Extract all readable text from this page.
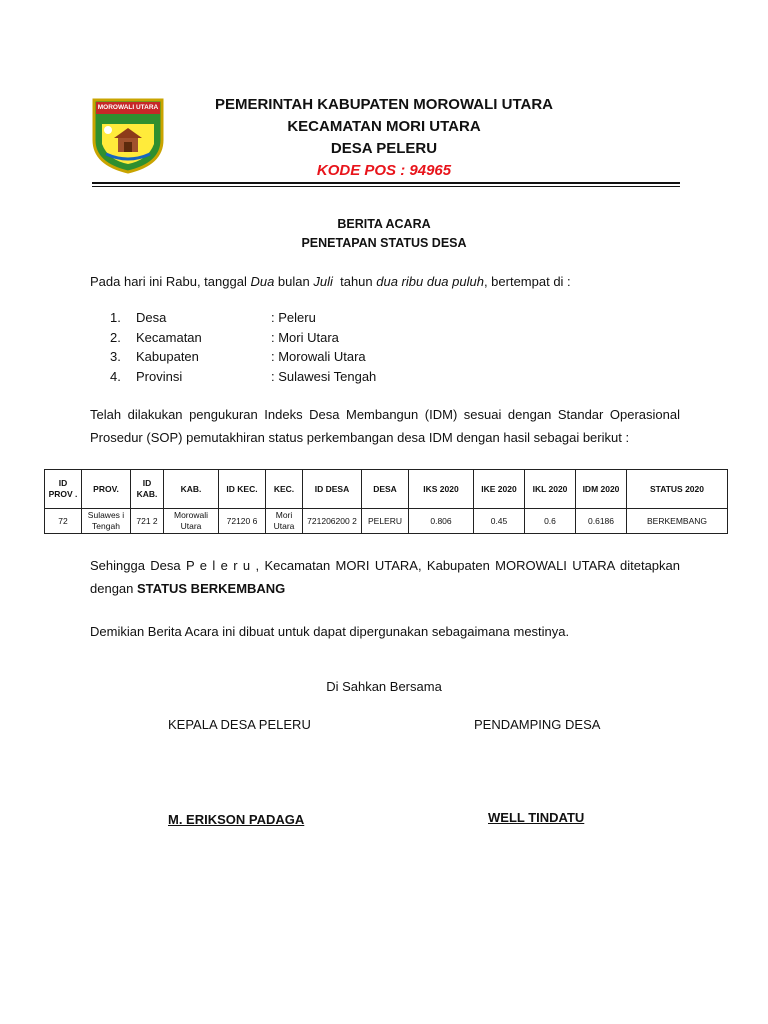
MOROWALI UTARA	PEMERINTAH KABUPATEN MOROWALI UTARA
KECAMATAN MORI UTARA
DESA PELERU
KODE POS : 94965
BERITA ACARA
PENETAPAN STATUS DESA
Pada hari ini Rabu, tanggal Dua bulan Juli  tahun dua ribu dua puluh, bertempat di :
1.	Desa	: Peleru
2.	Kecamatan	: Mori Utara
3.	Kabupaten	: Morowali Utara
4.	Provinsi	: Sulawesi Tengah
Telah dilakukan pengukuran Indeks Desa Membangun (IDM) sesuai dengan Standar Operasional Prosedur (SOP) pemutakhiran status perkembangan desa IDM dengan hasil sebagai berikut :
ID PROV .	PROV.	ID KAB.	KAB.	ID KEC.	KEC.	ID DESA	DESA	IKS 2020	IKE 2020	IKL 2020	IDM 2020	STATUS 2020
72	Sulawes i Tengah	721 2	Morowali Utara	72120 6	Mori Utara	721206200 2	PELERU	0.806	0.45	0.6	0.6186	BERKEMBANG
Sehingga Desa P e l e r u , Kecamatan MORI UTARA, Kabupaten MOROWALI UTARA ditetapkan dengan STATUS BERKEMBANG
Demikian Berita Acara ini dibuat untuk dapat dipergunakan sebagaimana mestinya.
Di Sahkan Bersama
KEPALA DESA PELERU	PENDAMPING DESA
M. ERIKSON PADAGA	WELL TINDATU
